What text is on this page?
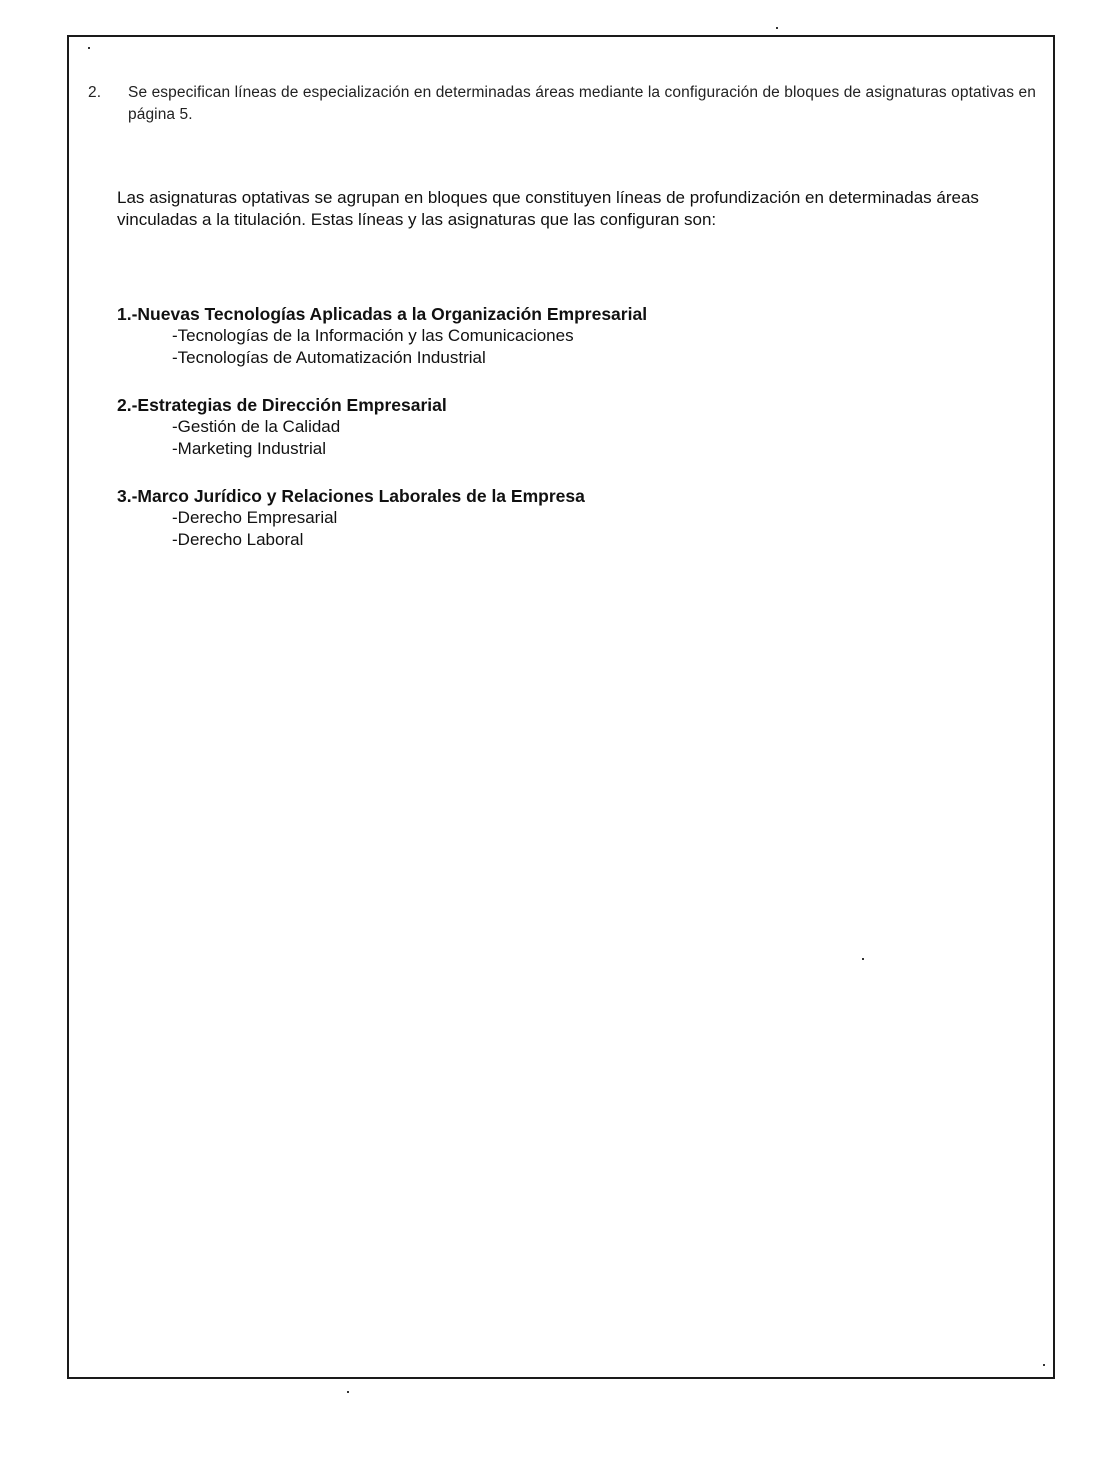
2. Se especifican líneas de especialización en determinadas áreas mediante la configuración de bloques de asignaturas optativas en página 5.
Las asignaturas optativas se agrupan en bloques que constituyen líneas de profundización en determinadas áreas vinculadas a la titulación. Estas líneas y las asignaturas que las configuran son:
1.-Nuevas Tecnologías Aplicadas a la Organización Empresarial
-Tecnologías de la Información y las Comunicaciones
-Tecnologías de Automatización Industrial
2.-Estrategias de Dirección Empresarial
-Gestión de la Calidad
-Marketing Industrial
3.-Marco Jurídico y Relaciones Laborales de la Empresa
-Derecho Empresarial
-Derecho Laboral
